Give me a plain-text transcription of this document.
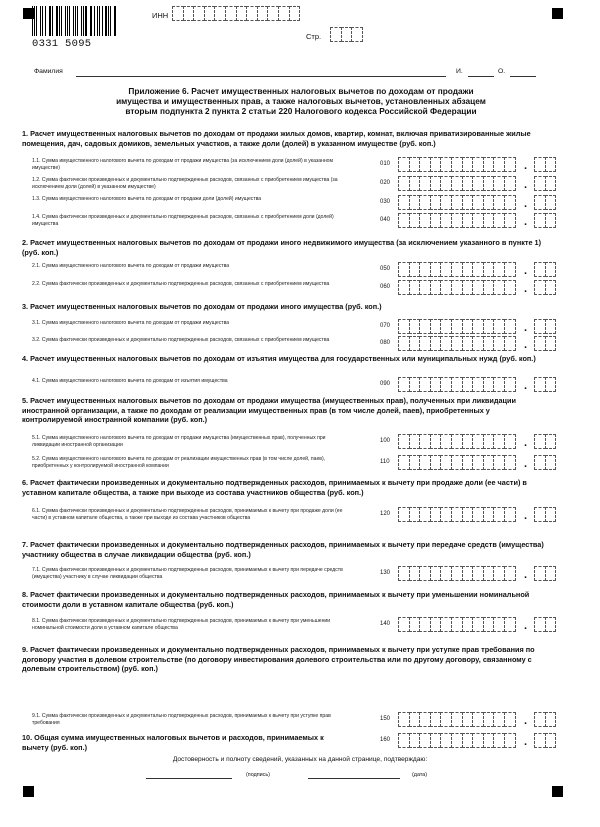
0331 5095
ИНН
Стр.
Фамилия	И.	О.
Приложение 6. Расчет имущественных налоговых вычетов по доходам от продажи
имущества и имущественных прав, а также налоговых вычетов, установленных абзацем
вторым подпункта 2 пункта 2 статьи 220 Налогового кодекса Российской Федерации
1. Расчет имущественных налоговых вычетов по доходам от продажи жилых домов, квартир, комнат, включая приватизированные жилые помещения, дач, садовых домиков, земельных участков, а также доли (долей) в указанном имуществе (руб. коп.)
1.1. Сумма имущественного налогового вычета по доходам от продажи имущества (за исключением доли (долей) в указанном имуществе)
010	.
1.2. Сумма фактически произведенных и документально подтвержденных расходов, связанных с приобретением имущества (за исключением доли (долей) в указанном имуществе)
020	.
1.3. Сумма имущественного налогового вычета по доходам от продажи доли (долей) имущества	030	.
1.4. Сумма фактически произведенных и документально подтвержденных расходов, связанных с приобретением доли (долей) имущества
040	.
2. Расчет имущественных налоговых вычетов по доходам от продажи иного недвижимого имущества (за исключением указанного в пункте 1) (руб. коп.)
2.1. Сумма имущественного налогового вычета по доходам от продажи имущества	050	.
2.2. Сумма фактически произведенных и документально подтвержденных расходов, связанных с приобретением имущества	060	.
3. Расчет имущественных налоговых вычетов по доходам от продажи иного имущества (руб. коп.)
3.1. Сумма имущественного налогового вычета по доходам от продажи имущества	070	.
3.2. Сумма фактически произведенных и документально подтвержденных расходов, связанных с приобретением имущества	080	.
4. Расчет имущественных налоговых вычетов по доходам от изъятия имущества для государственных или муниципальных нужд (руб. коп.)
4.1. Сумма имущественного налогового вычета по доходам от изъятия имущества	090	.
5. Расчет имущественных налоговых вычетов по доходам от продажи имущества (имущественных прав), полученных при ликвидации иностранной организации, а также по доходам от реализации имущественных прав (в том числе долей, паев), приобретенных у контролируемой иностранной компании (руб. коп.)
5.1. Сумма имущественного налогового вычета по доходам от продажи имущества (имущественных прав), полученных при ликвидации иностранной организации
100	.
5.2. Сумма имущественного налогового вычета по доходам от реализации имущественных прав (в том числе долей, паев), приобретенных у контролируемой иностранной компании
110	.
6. Расчет фактически произведенных и документально подтвержденных расходов, принимаемых к вычету при продаже доли (ее части) в уставном капитале общества, а также при выходе из состава участников общества (руб. коп.)
6.1. Сумма фактически произведенных и документально подтвержденных расходов, принимаемых к вычету при продаже доли (ее части) в уставном капитале общества, а также при выходе из состава участников общества
120	.
7. Расчет фактически произведенных и документально подтвержденных расходов, принимаемых к вычету при передаче средств (имущества) участнику общества в случае ликвидации общества (руб. коп.)
7.1. Сумма фактически произведенных и документально подтвержденных расходов, принимаемых к вычету при передаче средств (имущества) участнику в случае ликвидации общества
130	.
8. Расчет фактически произведенных и документально подтвержденных расходов, принимаемых к вычету при уменьшении номинальной стоимости доли в уставном капитале общества (руб. коп.)
8.1. Сумма фактически произведенных и документально подтвержденных расходов, принимаемых к вычету при уменьшении номинальной стоимости доли в уставном капитале общества
140	.
9. Расчет фактически произведенных и документально подтвержденных расходов, принимаемых к вычету при уступке прав требования по договору участия в долевом строительстве (по договору инвестирования долевого строительства или по другому договору, связанному с долевым строительством) (руб. коп.)
9.1. Сумма фактически произведенных и документально подтвержденных расходов, принимаемых к вычету при уступке прав требования
150	.
10. Общая сумма имущественных налоговых вычетов и расходов, принимаемых к вычету (руб. коп.)
160	.
Достоверность и полноту сведений, указанных на данной странице, подтверждаю:
(подпись)	(дата)
